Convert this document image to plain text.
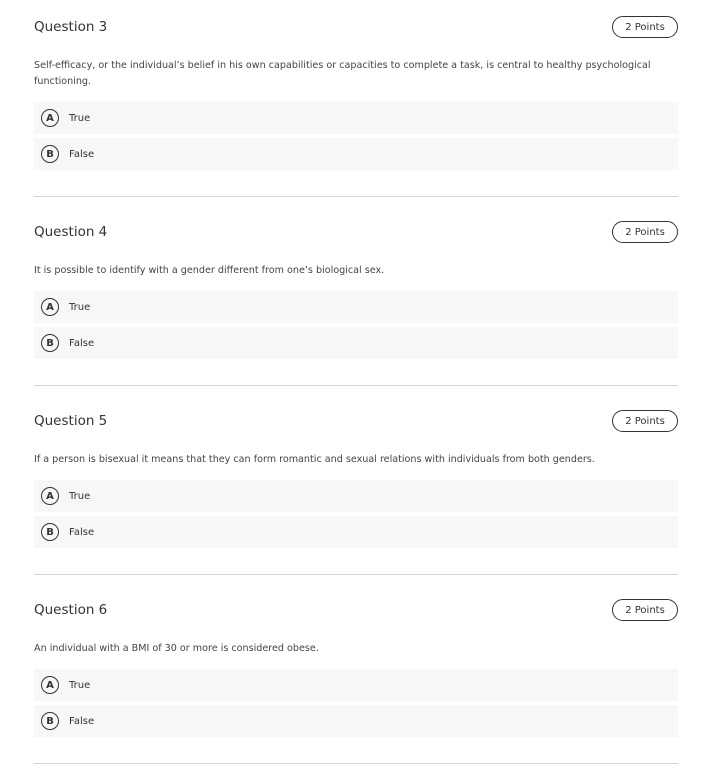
Question 3	2 Points
Self-efficacy, or the individual’s belief in his own capabilities or capacities to complete a task, is central to healthy psychological functioning.
A	True
B	False
Question 4	2 Points
It is possible to identify with a gender different from one’s biological sex.
A	True
B	False
Question 5	2 Points
If a person is bisexual it means that they can form romantic and sexual relations with individuals from both genders.
A	True
B	False
Question 6	2 Points
An individual with a BMI of 30 or more is considered obese.
A	True
B	False
